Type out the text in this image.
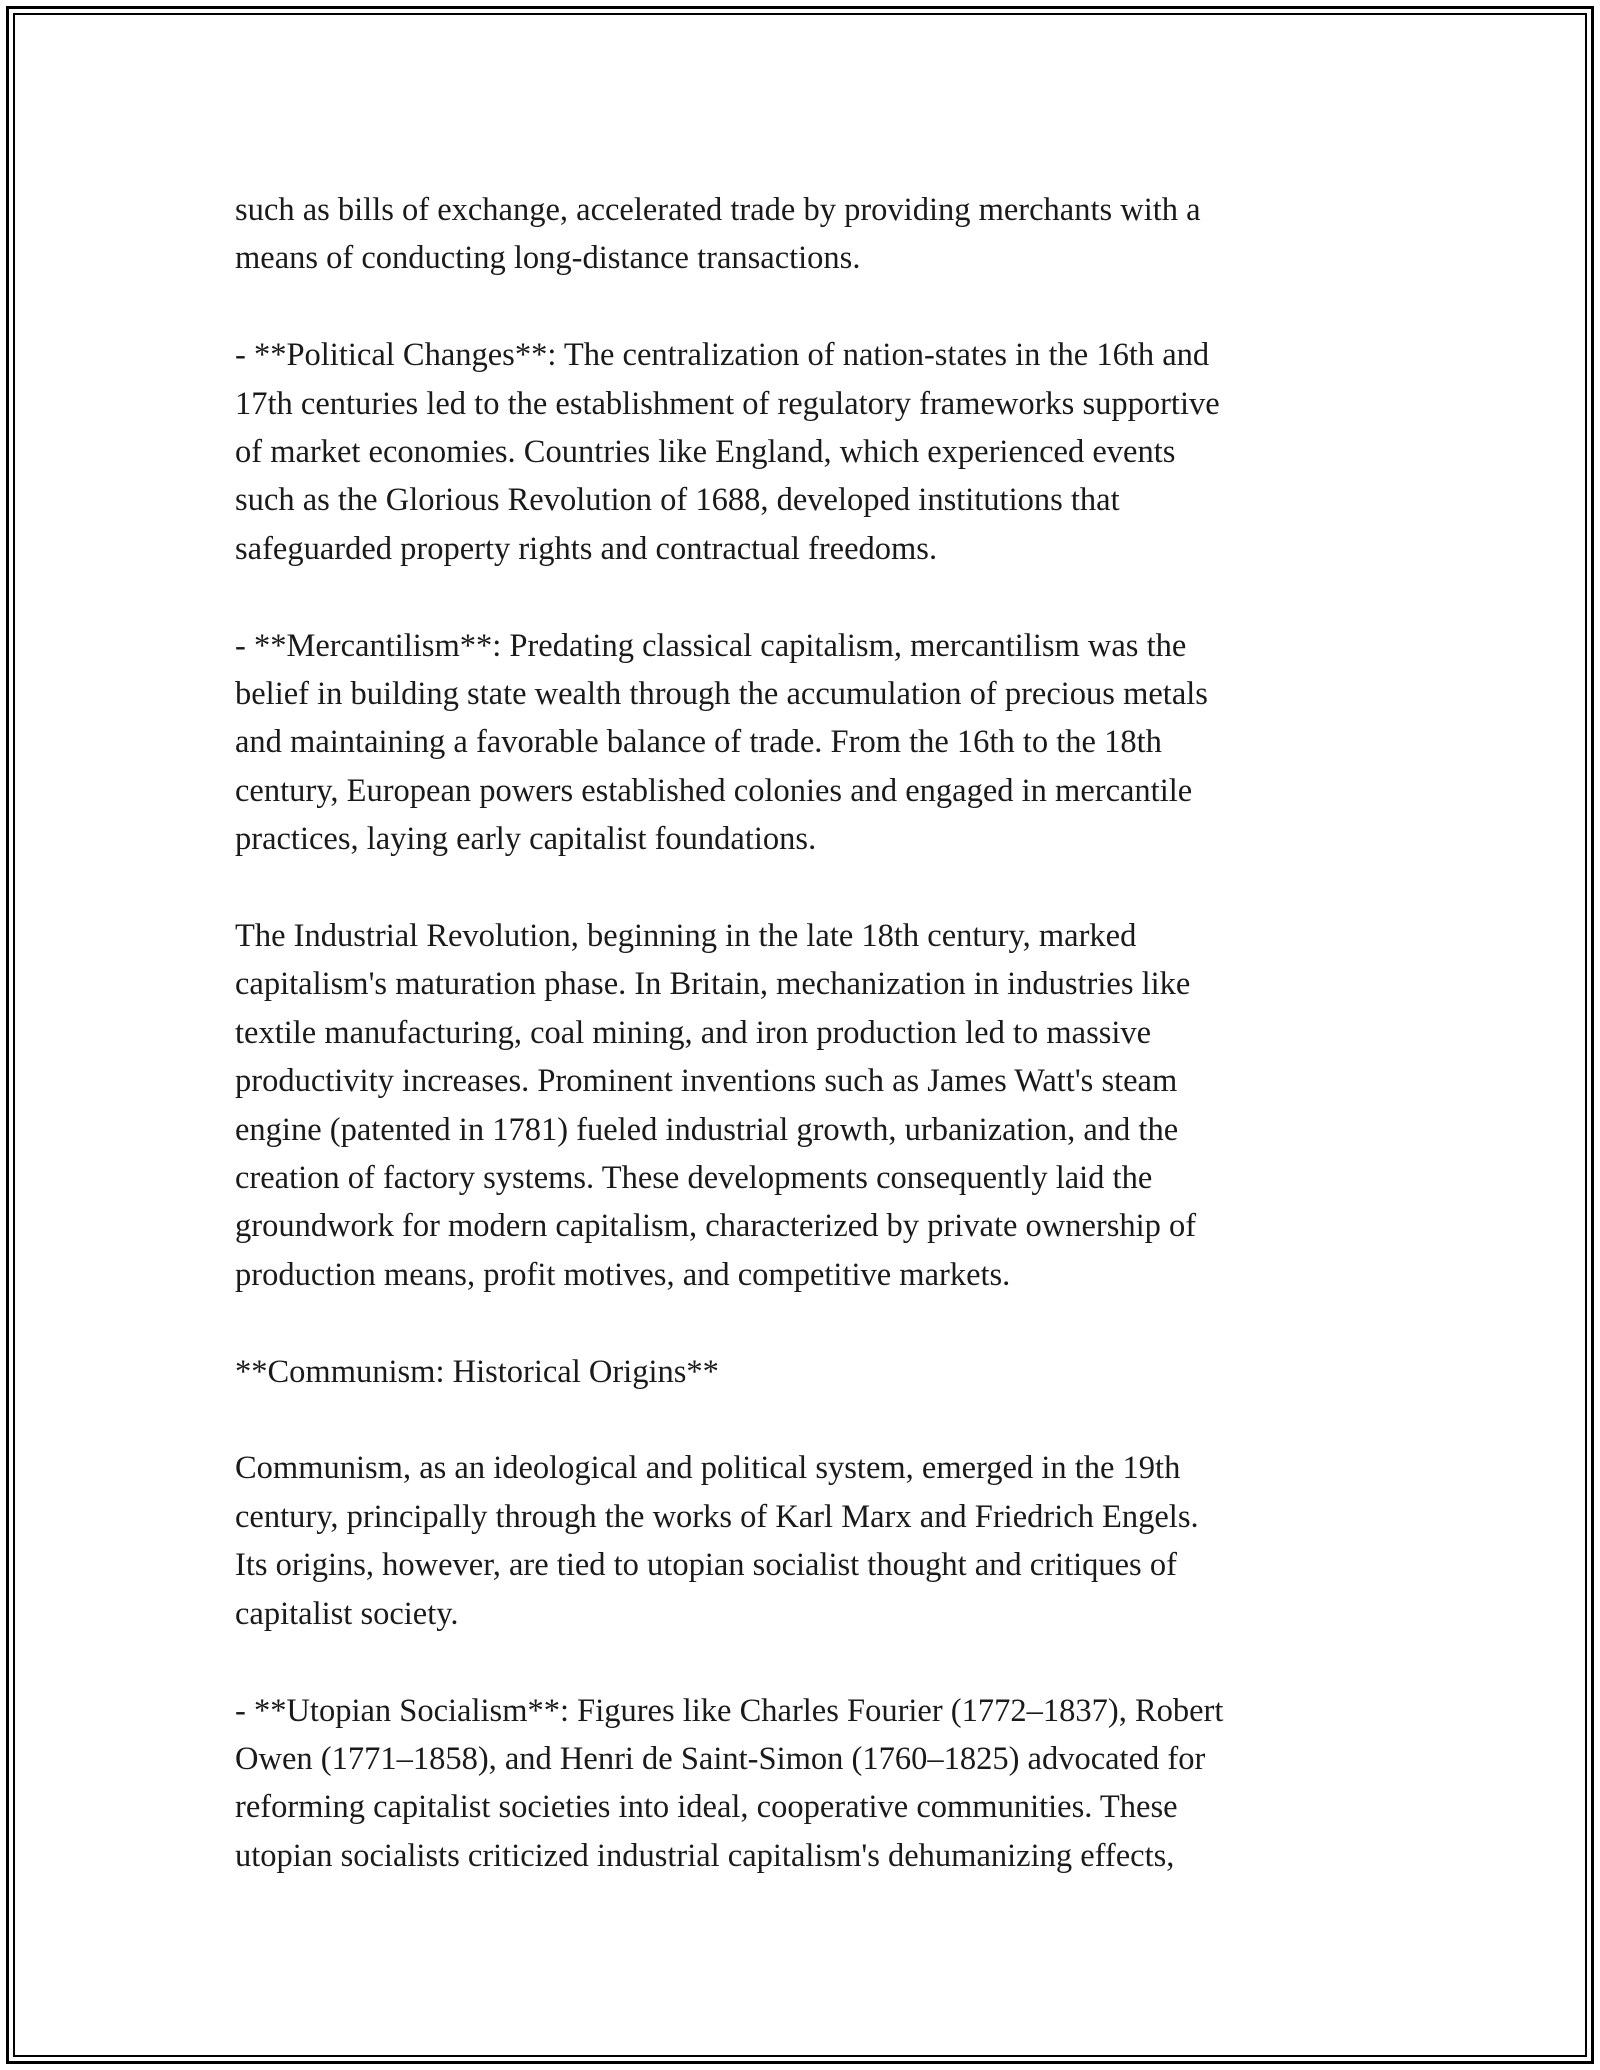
such as bills of exchange, accelerated trade by providing merchants with a
means of conducting long-distance transactions.

- **Political Changes**: The centralization of nation-states in the 16th and
17th centuries led to the establishment of regulatory frameworks supportive
of market economies. Countries like England, which experienced events
such as the Glorious Revolution of 1688, developed institutions that
safeguarded property rights and contractual freedoms.

- **Mercantilism**: Predating classical capitalism, mercantilism was the
belief in building state wealth through the accumulation of precious metals
and maintaining a favorable balance of trade. From the 16th to the 18th
century, European powers established colonies and engaged in mercantile
practices, laying early capitalist foundations.

The Industrial Revolution, beginning in the late 18th century, marked
capitalism's maturation phase. In Britain, mechanization in industries like
textile manufacturing, coal mining, and iron production led to massive
productivity increases. Prominent inventions such as James Watt's steam
engine (patented in 1781) fueled industrial growth, urbanization, and the
creation of factory systems. These developments consequently laid the
groundwork for modern capitalism, characterized by private ownership of
production means, profit motives, and competitive markets.

**Communism: Historical Origins**

Communism, as an ideological and political system, emerged in the 19th
century, principally through the works of Karl Marx and Friedrich Engels.
Its origins, however, are tied to utopian socialist thought and critiques of
capitalist society.

- **Utopian Socialism**: Figures like Charles Fourier (1772–1837), Robert
Owen (1771–1858), and Henri de Saint-Simon (1760–1825) advocated for
reforming capitalist societies into ideal, cooperative communities. These
utopian socialists criticized industrial capitalism's dehumanizing effects,
